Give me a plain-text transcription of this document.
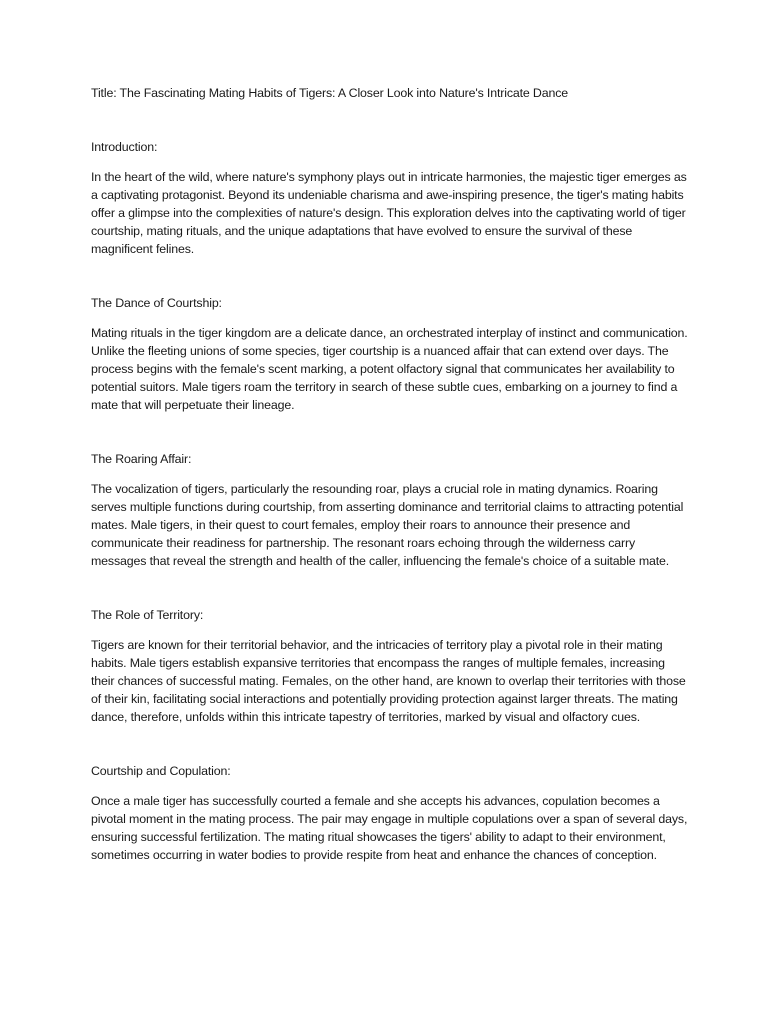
Title: The Fascinating Mating Habits of Tigers: A Closer Look into Nature's Intricate Dance

Introduction:

In the heart of the wild, where nature's symphony plays out in intricate harmonies, the majestic tiger emerges as a captivating protagonist. Beyond its undeniable charisma and awe-inspiring presence, the tiger's mating habits offer a glimpse into the complexities of nature's design. This exploration delves into the captivating world of tiger courtship, mating rituals, and the unique adaptations that have evolved to ensure the survival of these magnificent felines.

The Dance of Courtship:

Mating rituals in the tiger kingdom are a delicate dance, an orchestrated interplay of instinct and communication. Unlike the fleeting unions of some species, tiger courtship is a nuanced affair that can extend over days. The process begins with the female's scent marking, a potent olfactory signal that communicates her availability to potential suitors. Male tigers roam the territory in search of these subtle cues, embarking on a journey to find a mate that will perpetuate their lineage.

The Roaring Affair:

The vocalization of tigers, particularly the resounding roar, plays a crucial role in mating dynamics. Roaring serves multiple functions during courtship, from asserting dominance and territorial claims to attracting potential mates. Male tigers, in their quest to court females, employ their roars to announce their presence and communicate their readiness for partnership. The resonant roars echoing through the wilderness carry messages that reveal the strength and health of the caller, influencing the female's choice of a suitable mate.

The Role of Territory:

Tigers are known for their territorial behavior, and the intricacies of territory play a pivotal role in their mating habits. Male tigers establish expansive territories that encompass the ranges of multiple females, increasing their chances of successful mating. Females, on the other hand, are known to overlap their territories with those of their kin, facilitating social interactions and potentially providing protection against larger threats. The mating dance, therefore, unfolds within this intricate tapestry of territories, marked by visual and olfactory cues.

Courtship and Copulation:

Once a male tiger has successfully courted a female and she accepts his advances, copulation becomes a pivotal moment in the mating process. The pair may engage in multiple copulations over a span of several days, ensuring successful fertilization. The mating ritual showcases the tigers' ability to adapt to their environment, sometimes occurring in water bodies to provide respite from heat and enhance the chances of conception.
